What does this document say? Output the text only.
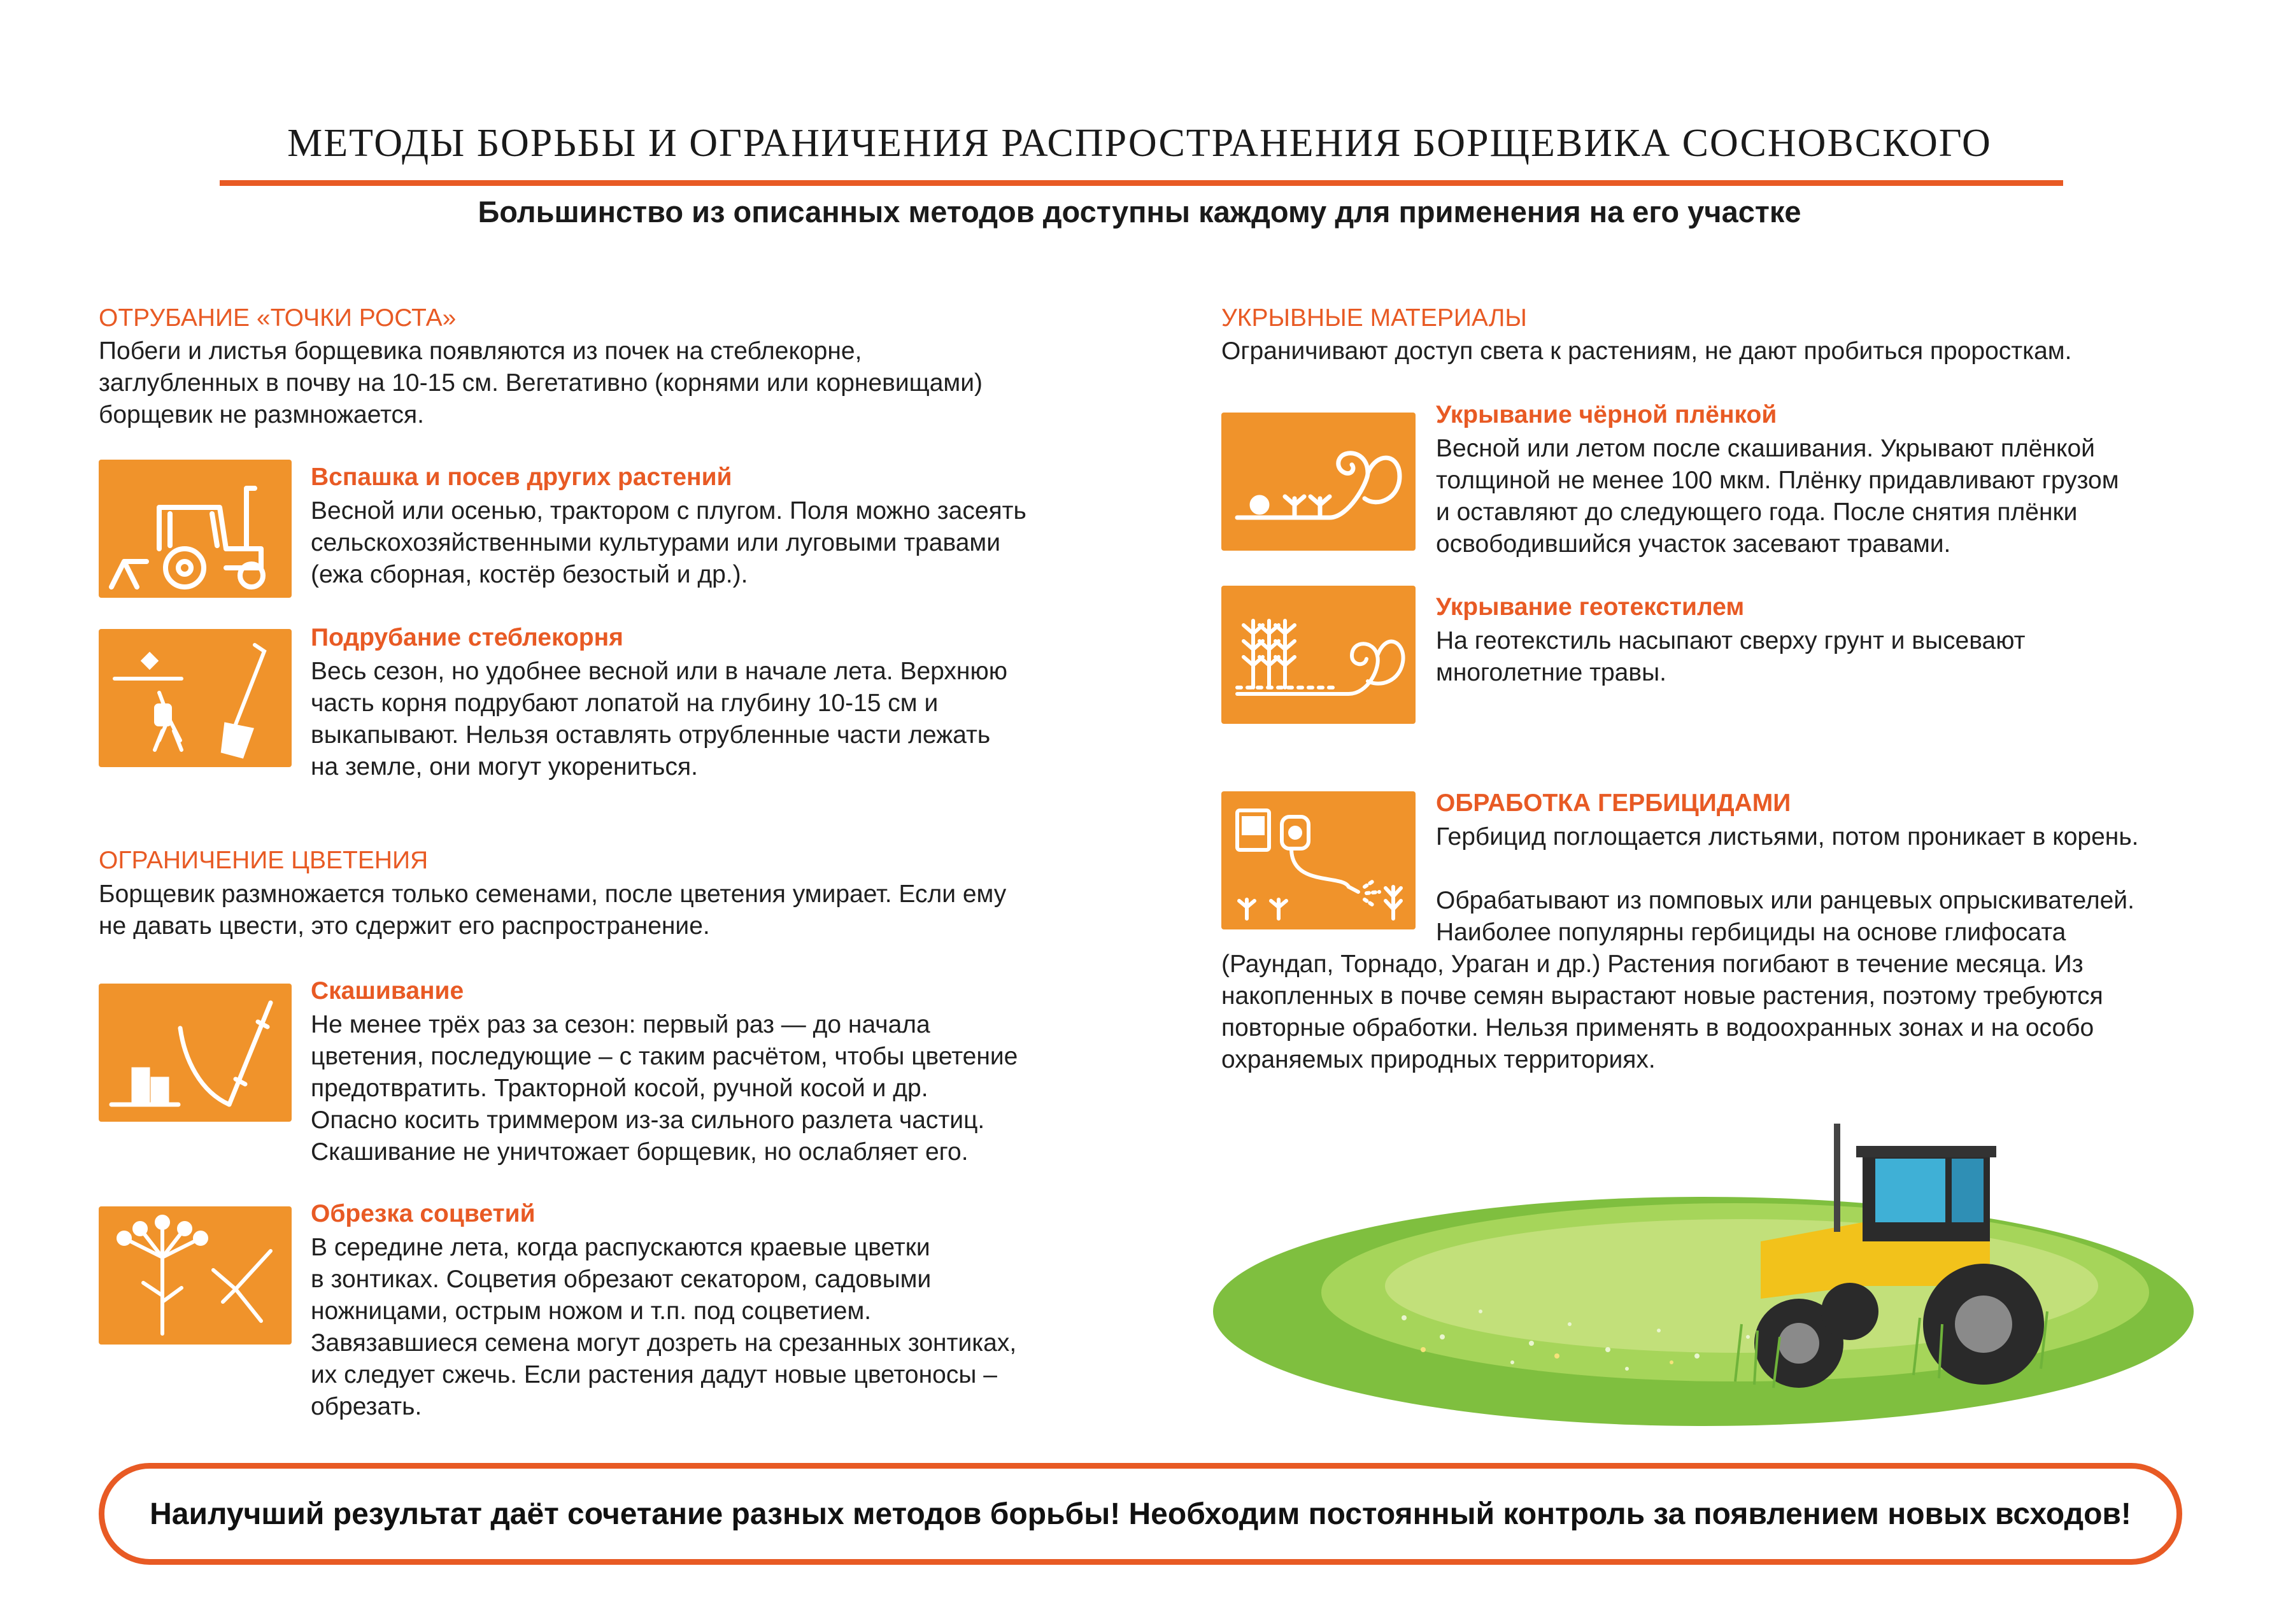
МЕТОДЫ БОРЬБЫ И ОГРАНИЧЕНИЯ РАСПРОСТРАНЕНИЯ БОРЩЕВИКА СОСНОВСКОГО
Большинство из описанных методов доступны каждому для применения на его участке
ОТРУБАНИЕ «ТОЧКИ РОСТА»
Побеги и листья борщевика появляются из почек на стеблекорне,
заглубленных в почву на 10-15 см. Вегетативно (корнями или корневищами)
борщевик не размножается.
Вспашка и посев других растений
Весной или осенью, трактором с плугом. Поля можно засеять
сельскохозяйственными культурами или луговыми травами
(ежа сборная, костёр безостый и др.).
Подрубание стеблекорня
Весь сезон, но удобнее весной или в начале лета. Верхнюю
часть корня подрубают лопатой на глубину 10-15 см и
выкапывают. Нельзя оставлять отрубленные части лежать
на земле, они могут укорениться.
ОГРАНИЧЕНИЕ ЦВЕТЕНИЯ
Борщевик размножается только семенами, после цветения умирает. Если ему
не давать цвести, это сдержит его распространение.
Скашивание
Не менее трёх раз за сезон: первый раз — до начала
цветения, последующие – с таким расчётом, чтобы цветение
предотвратить. Тракторной косой, ручной косой и др.
Опасно косить триммером из-за сильного разлета частиц.
Скашивание не уничтожает борщевик, но ослабляет его.
Обрезка соцветий
В середине лета, когда распускаются краевые цветки
в зонтиках. Соцветия обрезают секатором, садовыми
ножницами, острым ножом и т.п. под соцветием.
Завязавшиеся семена могут дозреть на срезанных зонтиках,
их следует сжечь. Если растения дадут новые цветоносы –
обрезать.
УКРЫВНЫЕ МАТЕРИАЛЫ
Ограничивают доступ света к растениям, не дают пробиться проросткам.
Укрывание чёрной плёнкой
Весной или летом после скашивания. Укрывают плёнкой
толщиной не менее 100 мкм. Плёнку придавливают грузом
и оставляют до следующего года. После снятия плёнки
освободившийся участок засевают травами.
Укрывание геотекстилем
На геотекстиль насыпают сверху грунт и высевают
многолетние травы.
ОБРАБОТКА ГЕРБИЦИДАМИ
Гербицид поглощается листьями, потом проникает в корень.
Обрабатывают из помповых или ранцевых опрыскивателей.
Наиболее популярны гербициды на основе глифосата
(Раундап, Торнадо, Ураган и др.) Растения погибают в течение месяца. Из
накопленных в почве семян вырастают новые растения, поэтому требуются
повторные обработки. Нельзя применять в водоохранных зонах и на особо
охраняемых природных территориях.
Наилучший результат даёт сочетание разных методов борьбы! Необходим постоянный контроль за появлением новых всходов!
